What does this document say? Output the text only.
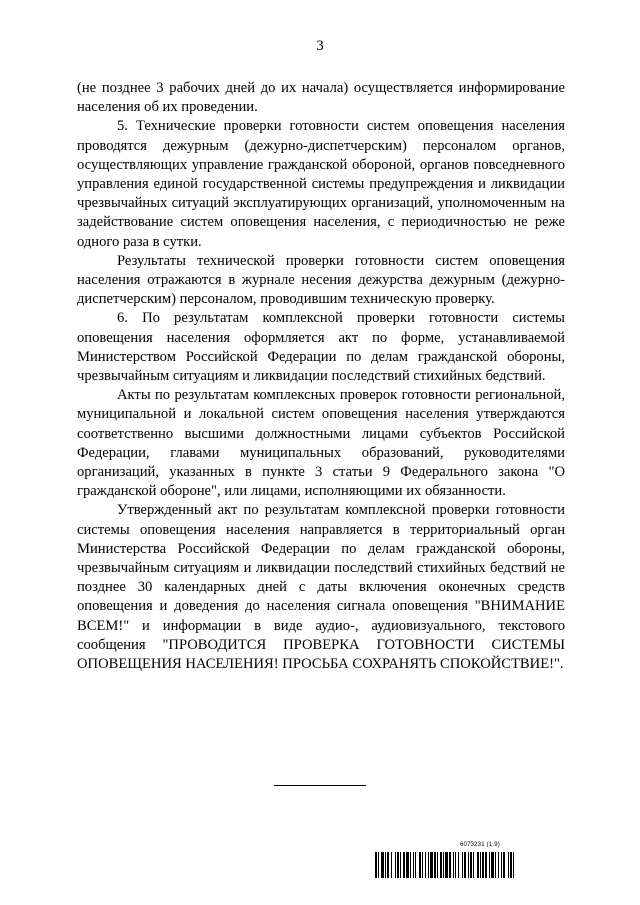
3

(не позднее 3 рабочих дней до их начала) осуществляется информирование населения об их проведении.

5. Технические проверки готовности систем оповещения населения проводятся дежурным (дежурно-диспетчерским) персоналом органов, осуществляющих управление гражданской обороной, органов повседневного управления единой государственной системы предупреждения и ликвидации чрезвычайных ситуаций эксплуатирующих организаций, уполномоченным на задействование систем оповещения населения, с периодичностью не реже одного раза в сутки.

Результаты технической проверки готовности систем оповещения населения отражаются в журнале несения дежурства дежурным (дежурно-диспетчерским) персоналом, проводившим техническую проверку.

6. По результатам комплексной проверки готовности системы оповещения населения оформляется акт по форме, устанавливаемой Министерством Российской Федерации по делам гражданской обороны, чрезвычайным ситуациям и ликвидации последствий стихийных бедствий.

Акты по результатам комплексных проверок готовности региональной, муниципальной и локальной систем оповещения населения утверждаются соответственно высшими должностными лицами субъектов Российской Федерации, главами муниципальных образований, руководителями организаций, указанных в пункте 3 статьи 9 Федерального закона "О гражданской обороне", или лицами, исполняющими их обязанности.

Утвержденный акт по результатам комплексной проверки готовности системы оповещения населения направляется в территориальный орган Министерства Российской Федерации по делам гражданской обороны, чрезвычайным ситуациям и ликвидации последствий стихийных бедствий не позднее 30 календарных дней с даты включения оконечных средств оповещения и доведения до населения сигнала оповещения "ВНИМАНИЕ ВСЕМ!" и информации в виде аудио-, аудиовизуального, текстового сообщения "ПРОВОДИТСЯ ПРОВЕРКА ГОТОВНОСТИ СИСТЕМЫ ОПОВЕЩЕНИЯ НАСЕЛЕНИЯ! ПРОСЬБА СОХРАНЯТЬ СПОКОЙСТВИЕ!".

6073231 (1.9)
